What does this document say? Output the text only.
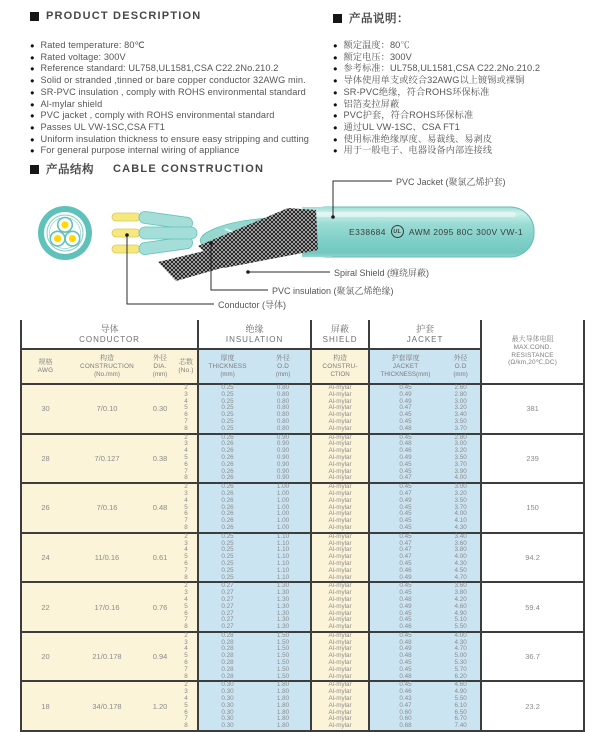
PRODUCT DESCRIPTION
● Rated temperature: 80℃
● Rated voltage: 300V
● Reference standard: UL758,UL1581,CSA C22.2No.210.2
● Solid or stranded ,tinned or bare copper conductor 32AWG min.
● SR-PVC insulation , comply with ROHS environmental standard
● Al-mylar shield
● PVC jacket , comply with ROHS environmental standard
● Passes UL VW-1SC,CSA FT1
● Uniform insulation thickness to ensure easy stripping and cutting
● For general purpose internal wiring of appliance
产品说明：
● 额定温度：80℃
● 额定电压：300V
● 参考标准：UL758,UL1581,CSA C22.2No.210.2
● 导体使用单支或绞合32AWG以上镀锡或裸铜
● SR-PVC绝缘，符合ROHS环保标准
● 铝箔麦拉屏蔽
● PVC护套，符合ROHS环保标准
● 通过UL VW-1SC、CSA FT1
● 使用标准绝缘厚度、易裁线、易剥皮
● 用于一般电子、电器设备内部连接线
产品结构 CABLE CONSTRUCTION
E338684	UL AWM 2095 80C 300V VW-1
PVC Jacket (聚氯乙烯护套)
Spiral Shield (缠绕屏蔽)
PVC insulation (聚氯乙烯绝缘)
Conductor (导体)
导体
CONDUCTOR

绝缘
INSULATION

屏蔽
SHIELD

护套
JACKET	最大导体电阻
MAX.COND.
RESISTANCE
(Ω/km,20℃,DC)

规格
AWG

构造
CONSTRUCTION
(No./mm)

外径
DIA.
(mm)

芯数
(No.)

厚度
THICKNESS
(mm)

外径
O.D
(mm)

构造
CONSTRU-
CTION

护套厚度
JACKET
THICKNESS(mm)

外径
O.D
(mm)

30	7/0.10	0.30	2	0.25	0.80	Al-mylar	0.45	2.60	381
			3	0.25	0.80	Al-mylar	0.49	2.80	
			4	0.25	0.80	Al-mylar	0.49	3.00	
			5	0.25	0.80	Al-mylar	0.47	3.20	
			6	0.25	0.80	Al-mylar	0.45	3.40	
			7	0.25	0.80	Al-mylar	0.45	3.50	
			8	0.25	0.80	Al-mylar	0.48	3.70	
28	7/0.127	0.38	2	0.26	0.90	Al-mylar	0.45	2.80	239
			3	0.26	0.90	Al-mylar	0.48	3.00	
			4	0.26	0.90	Al-mylar	0.46	3.20	
			5	0.26	0.90	Al-mylar	0.49	3.50	
			6	0.26	0.90	Al-mylar	0.45	3.70	
			7	0.26	0.90	Al-mylar	0.45	3.90	
			8	0.26	0.90	Al-mylar	0.47	4.00	
26	7/0.16	0.48	2	0.26	1.00	Al-mylar	0.45	3.00	150
			3	0.26	1.00	Al-mylar	0.47	3.20	
			4	0.26	1.00	Al-mylar	0.49	3.50	
			5	0.26	1.00	Al-mylar	0.45	3.70	
			6	0.26	1.00	Al-mylar	0.45	4.00	
			7	0.26	1.00	Al-mylar	0.45	4.10	
			8	0.26	1.00	Al-mylar	0.45	4.30	
24	11/0.16	0.61	2	0.25	1.10	Al-mylar	0.45	3.40	94.2
			3	0.25	1.10	Al-mylar	0.47	3.60	
			4	0.25	1.10	Al-mylar	0.47	3.80	
			5	0.25	1.10	Al-mylar	0.47	4.00	
			6	0.25	1.10	Al-mylar	0.45	4.30	
			7	0.25	1.10	Al-mylar	0.46	4.50	
			8	0.25	1.10	Al-mylar	0.49	4.70	
22	17/0.16	0.76	2	0.27	1.30	Al-mylar	0.45	3.60	59.4
			3	0.27	1.30	Al-mylar	0.45	3.80	
			4	0.27	1.30	Al-mylar	0.48	4.20	
			5	0.27	1.30	Al-mylar	0.49	4.60	
			6	0.27	1.30	Al-mylar	0.45	4.90	
			7	0.27	1.30	Al-mylar	0.45	5.10	
			8	0.27	1.30	Al-mylar	0.46	5.50	
20	21/0.178	0.94	2	0.28	1.50	Al-mylar	0.45	4.00	36.7
			3	0.28	1.50	Al-mylar	0.48	4.30	
			4	0.28	1.50	Al-mylar	0.49	4.70	
			5	0.28	1.50	Al-mylar	0.48	5.00	
			6	0.28	1.50	Al-mylar	0.45	5.30	
			7	0.28	1.50	Al-mylar	0.45	5.70	
			8	0.28	1.50	Al-mylar	0.48	6.20	
18	34/0.178	1.20	2	0.30	1.80	Al-mylar	0.45	4.60	23.2
			3	0.30	1.80	Al-mylar	0.46	4.90	
			4	0.30	1.80	Al-mylar	0.43	5.50	
			5	0.30	1.80	Al-mylar	0.47	6.10	
			6	0.30	1.80	Al-mylar	0.60	6.50	
			7	0.30	1.80	Al-mylar	0.60	6.70	
			8	0.30	1.80	Al-mylar	0.68	7.40	
